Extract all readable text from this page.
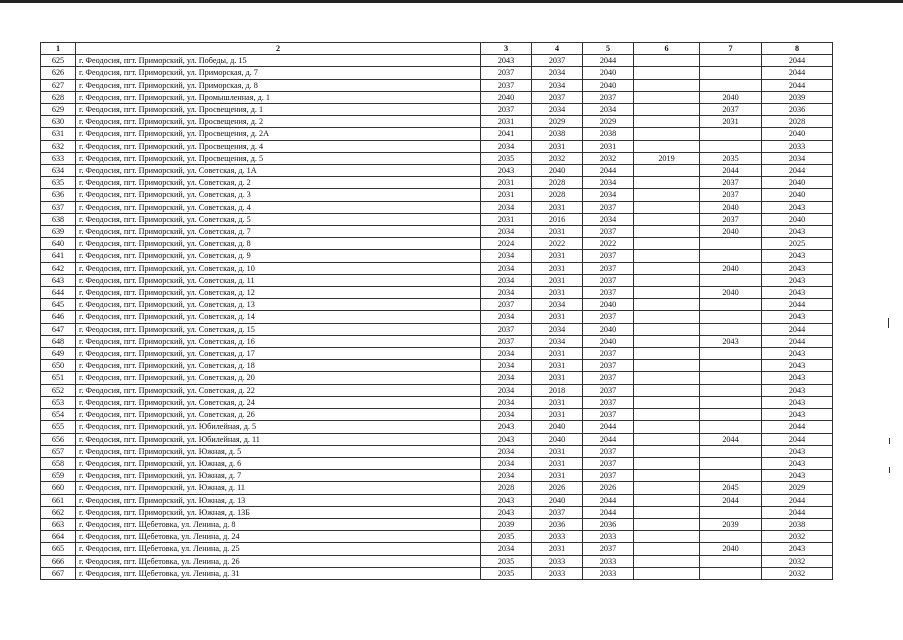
1	2	3	4	5	6	7	8
625	г. Феодосия, пгт. Приморский, ул. Победы, д. 15	2043	2037	2044			2044
626	г. Феодосия, пгт. Приморский, ул. Приморская, д. 7	2037	2034	2040			2044
627	г. Феодосия, пгт. Приморский, ул. Приморская, д. 8	2037	2034	2040			2044
628	г. Феодосия, пгт. Приморский, ул. Промышленная, д. 1	2040	2037	2037		2040	2039
629	г. Феодосия, пгт. Приморский, ул. Просвещения, д. 1	2037	2034	2034		2037	2036
630	г. Феодосия, пгт. Приморский, ул. Просвещения, д. 2	2031	2029	2029		2031	2028
631	г. Феодосия, пгт. Приморский, ул. Просвещения, д. 2А	2041	2038	2038			2040
632	г. Феодосия, пгт. Приморский, ул. Просвещения, д. 4	2034	2031	2031			2033
633	г. Феодосия, пгт. Приморский, ул. Просвещения, д. 5	2035	2032	2032	2019	2035	2034
634	г. Феодосия, пгт. Приморский, ул. Советская, д. 1А	2043	2040	2044		2044	2044
635	г. Феодосия, пгт. Приморский, ул. Советская, д. 2	2031	2028	2034		2037	2040
636	г. Феодосия, пгт. Приморский, ул. Советская, д. 3	2031	2028	2034		2037	2040
637	г. Феодосия, пгт. Приморский, ул. Советская, д. 4	2034	2031	2037		2040	2043
638	г. Феодосия, пгт. Приморский, ул. Советская, д. 5	2031	2016	2034		2037	2040
639	г. Феодосия, пгт. Приморский, ул. Советская, д. 7	2034	2031	2037		2040	2043
640	г. Феодосия, пгт. Приморский, ул. Советская, д. 8	2024	2022	2022			2025
641	г. Феодосия, пгт. Приморский, ул. Советская, д. 9	2034	2031	2037			2043
642	г. Феодосия, пгт. Приморский, ул. Советская, д. 10	2034	2031	2037		2040	2043
643	г. Феодосия, пгт. Приморский, ул. Советская, д. 11	2034	2031	2037			2043
644	г. Феодосия, пгт. Приморский, ул. Советская, д. 12	2034	2031	2037		2040	2043
645	г. Феодосия, пгт. Приморский, ул. Советская, д. 13	2037	2034	2040			2044
646	г. Феодосия, пгт. Приморский, ул. Советская, д. 14	2034	2031	2037			2043
647	г. Феодосия, пгт. Приморский, ул. Советская, д. 15	2037	2034	2040			2044
648	г. Феодосия, пгт. Приморский, ул. Советская, д. 16	2037	2034	2040		2043	2044
649	г. Феодосия, пгт. Приморский, ул. Советская, д. 17	2034	2031	2037			2043
650	г. Феодосия, пгт. Приморский, ул. Советская, д. 18	2034	2031	2037			2043
651	г. Феодосия, пгт. Приморский, ул. Советская, д. 20	2034	2031	2037			2043
652	г. Феодосия, пгт. Приморский, ул. Советская, д. 22	2034	2018	2037			2043
653	г. Феодосия, пгт. Приморский, ул. Советская, д. 24	2034	2031	2037			2043
654	г. Феодосия, пгт. Приморский, ул. Советская, д. 26	2034	2031	2037			2043
655	г. Феодосия, пгт. Приморский, ул. Юбилейная, д. 5	2043	2040	2044			2044
656	г. Феодосия, пгт. Приморский, ул. Юбилейная, д. 11	2043	2040	2044		2044	2044
657	г. Феодосия, пгт. Приморский, ул. Южная, д. 5	2034	2031	2037			2043
658	г. Феодосия, пгт. Приморский, ул. Южная, д. 6	2034	2031	2037			2043
659	г. Феодосия, пгт. Приморский, ул. Южная, д. 7	2034	2031	2037			2043
660	г. Феодосия, пгт. Приморский, ул. Южная, д. 11	2028	2026	2026		2045	2029
661	г. Феодосия, пгт. Приморский, ул. Южная, д. 13	2043	2040	2044		2044	2044
662	г. Феодосия, пгт. Приморский, ул. Южная, д. 13Б	2043	2037	2044			2044
663	г. Феодосия, пгт. Щебетовка, ул. Ленина, д. 8	2039	2036	2036		2039	2038
664	г. Феодосия, пгт. Щебетовка, ул. Ленина, д. 24	2035	2033	2033			2032
665	г. Феодосия, пгт. Щебетовка, ул. Ленина, д. 25	2034	2031	2037		2040	2043
666	г. Феодосия, пгт. Щебетовка, ул. Ленина, д. 26	2035	2033	2033			2032
667	г. Феодосия, пгт. Щебетовка, ул. Ленина, д. 31	2035	2033	2033			2032
